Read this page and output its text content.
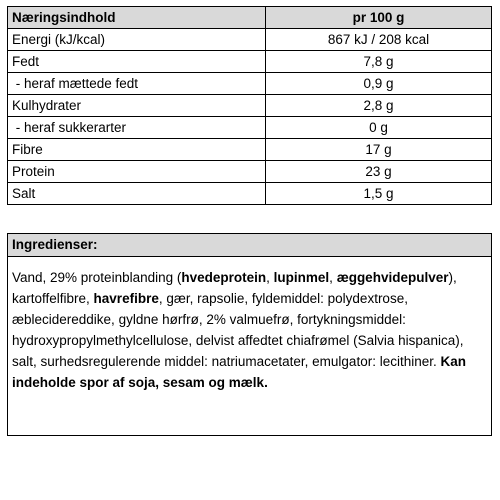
Næringsindhold	pr 100 g
Energi (kJ/kcal)	867 kJ / 208 kcal
Fedt	7,8 g
- heraf mættede fedt	0,9 g
Kulhydrater	2,8 g
- heraf sukkerarter	0 g
Fibre	17 g
Protein	23 g
Salt	1,5 g
Ingredienser:
Vand, 29% proteinblanding (hvedeprotein, lupinmel, æggehvidepulver), kartoffelfibre, havrefibre, gær, rapsolie, fyldemiddel: polydextrose, æblecidereddike, gyldne hørfrø, 2% valmuefrø, fortykningsmiddel: hydroxypropylmethylcellulose, delvist affedtet chiafrømel (Salvia hispanica), salt, surhedsregulerende middel: natriumacetater, emulgator: lecithiner. Kan indeholde spor af soja, sesam og mælk.
